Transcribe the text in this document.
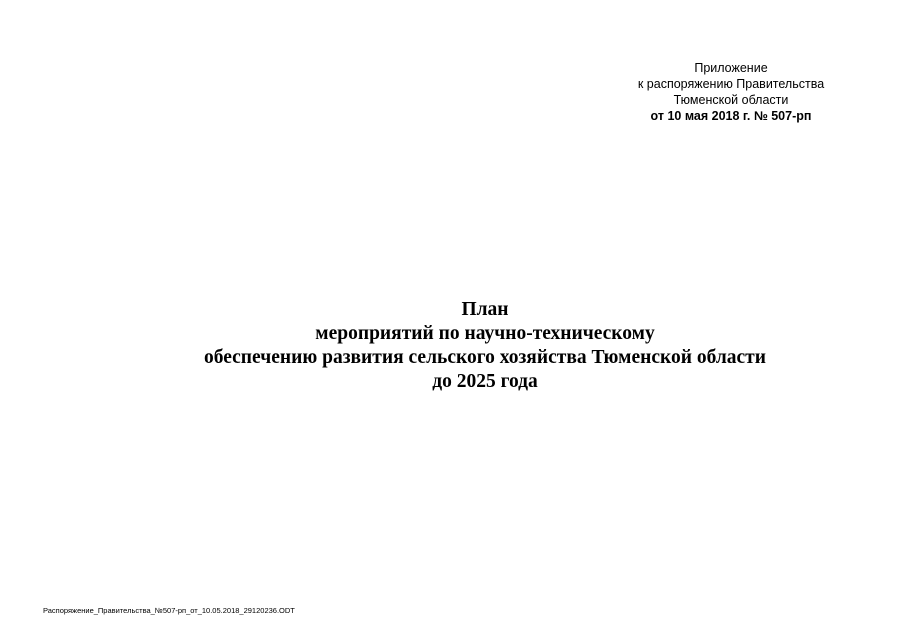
Приложение
к распоряжению Правительства
Тюменской области
от 10 мая 2018 г. № 507-рп
План
мероприятий по научно-техническому
обеспечению развития сельского хозяйства Тюменской области
до 2025 года
Распоряжение_Правительства_№507-рп_от_10.05.2018_29120236.ODT
